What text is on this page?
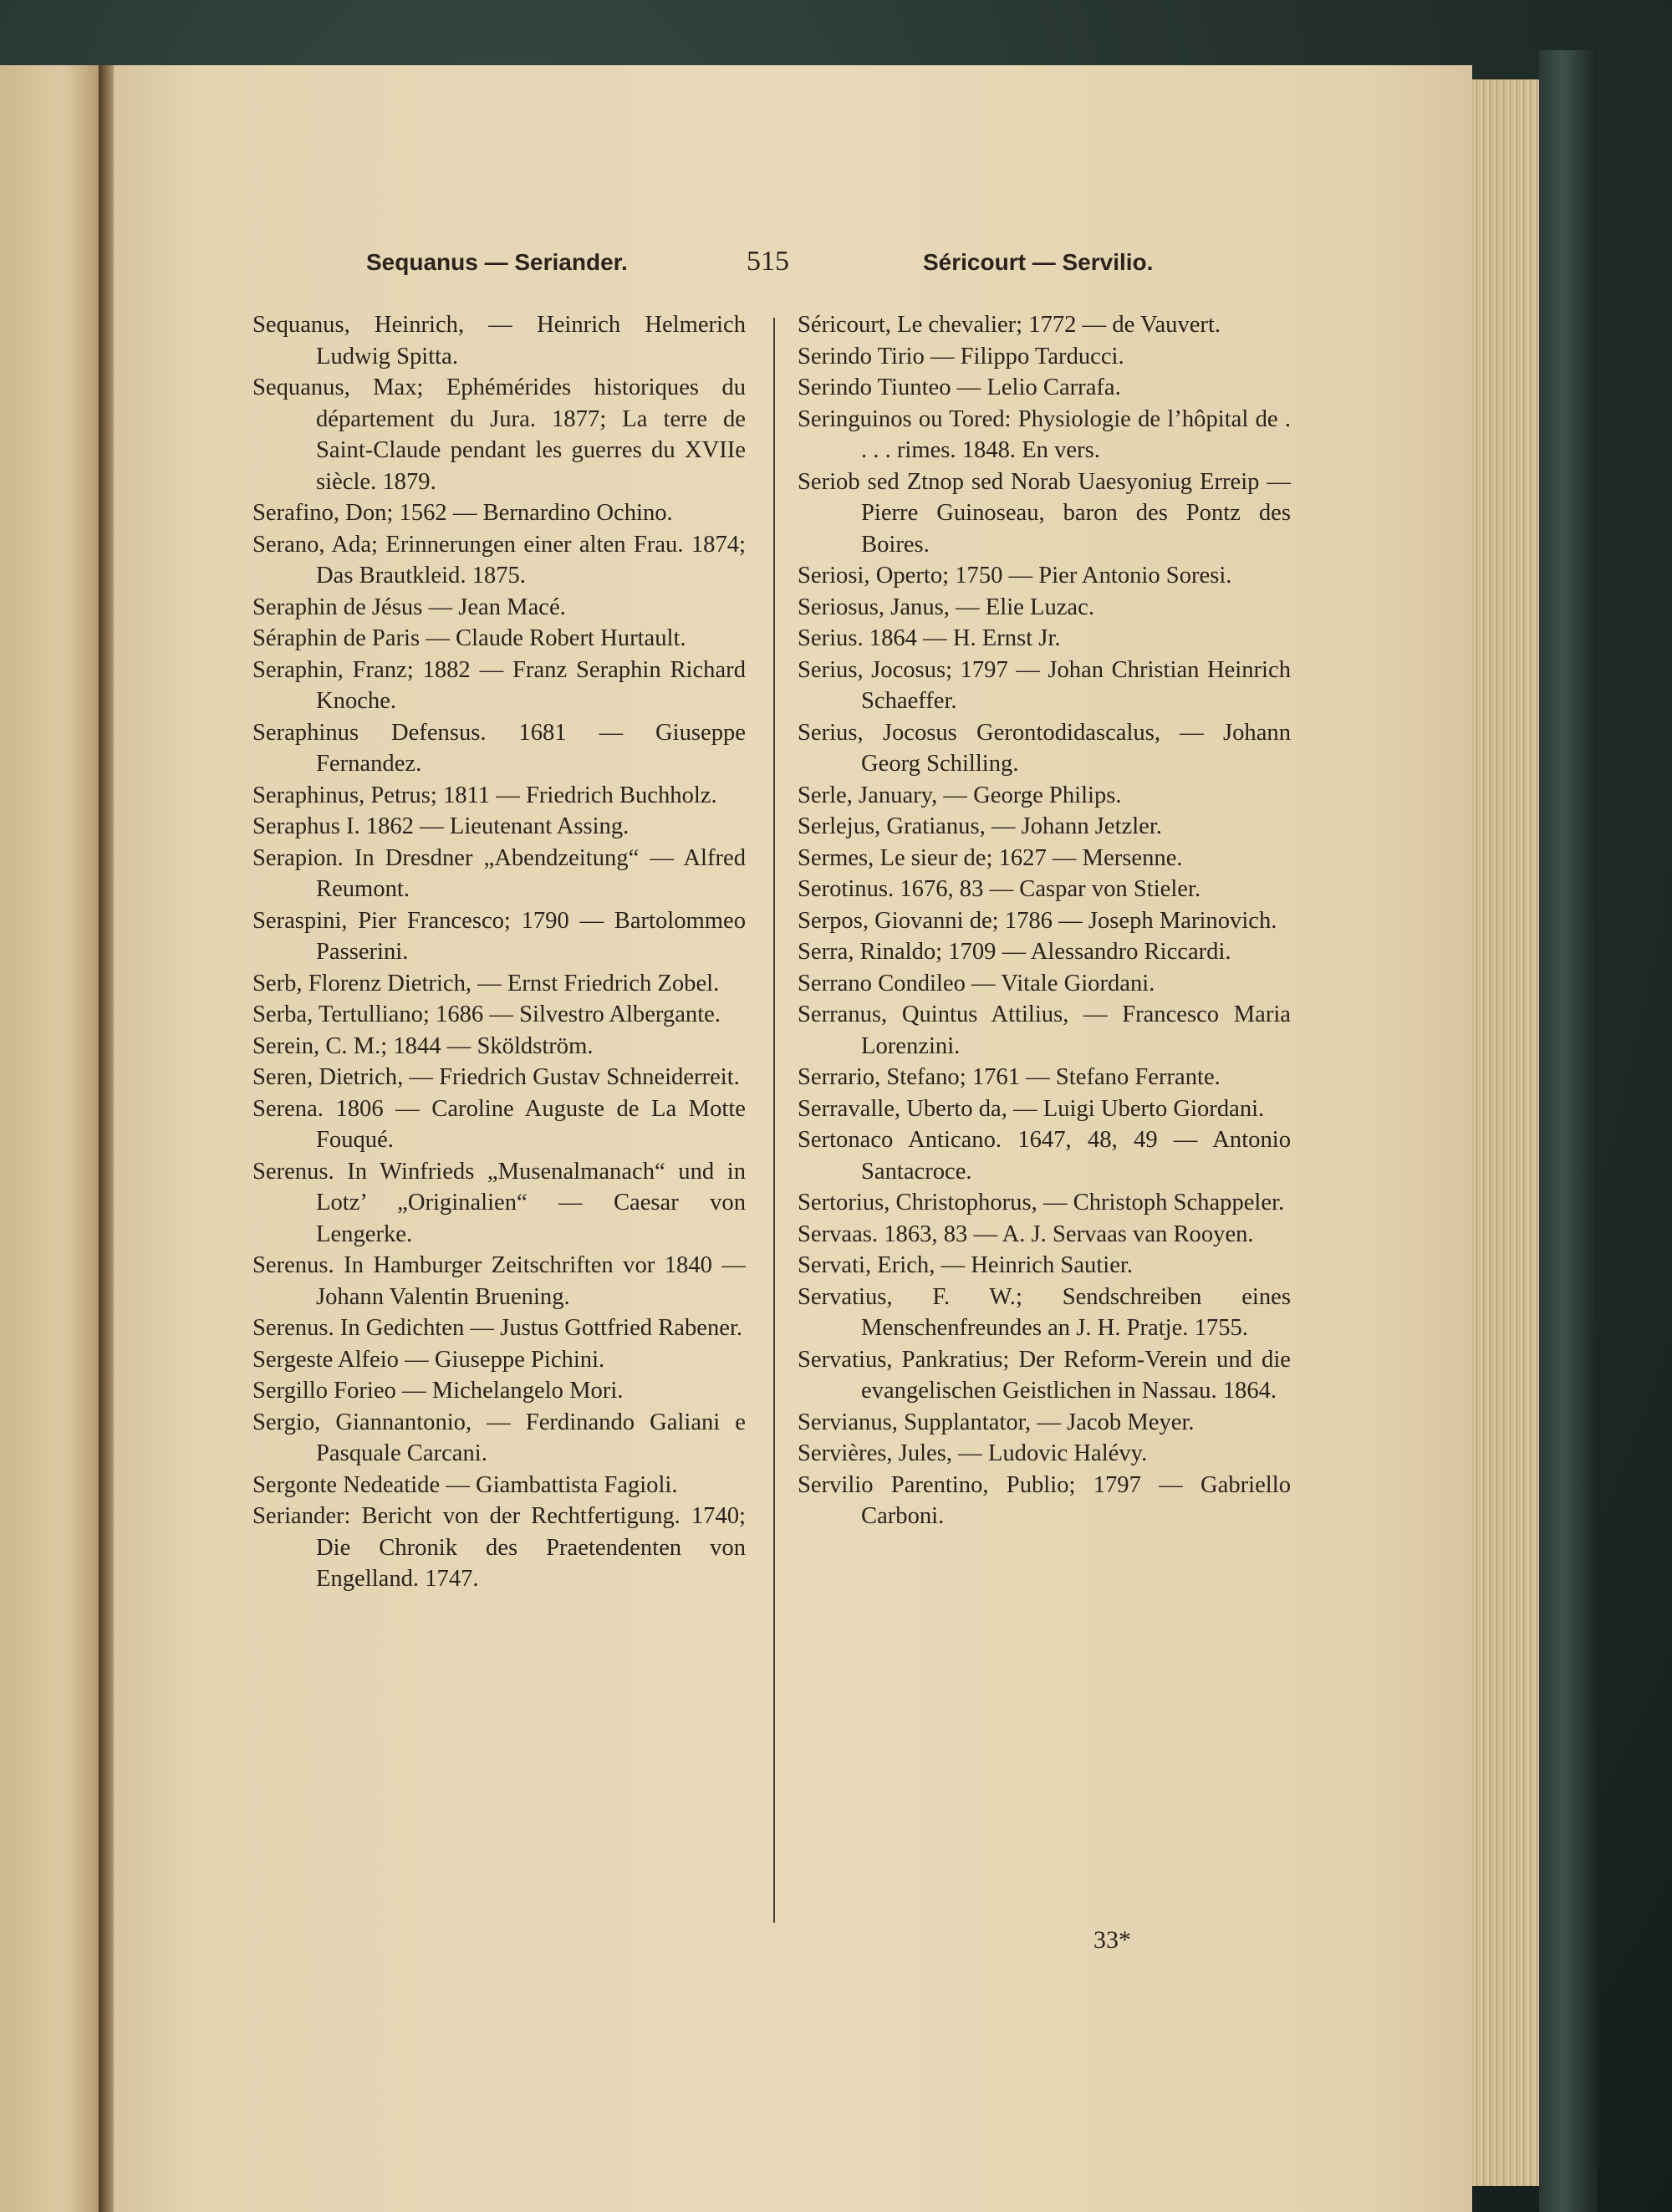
Sequanus — Seriander.	515	Séricourt — Servilio.

Sequanus, Heinrich, — Heinrich Helmerich Ludwig Spitta.

Sequanus, Max; Ephémérides historiques du département du Jura. 1877; La terre de Saint-Claude pendant les guerres du XVIIe siècle. 1879.

Serafino, Don; 1562 — Bernardino Ochino.

Serano, Ada; Erinnerungen einer alten Frau. 1874; Das Brautkleid. 1875.

Seraphin de Jésus — Jean Macé.

Séraphin de Paris — Claude Robert Hurtault.

Seraphin, Franz; 1882 — Franz Seraphin Richard Knoche.

Seraphinus Defensus. 1681 — Giuseppe Fernandez.

Seraphinus, Petrus; 1811 — Friedrich Buchholz.

Seraphus I. 1862 — Lieutenant Assing.

Serapion. In Dresdner „Abendzeitung“ — Alfred Reumont.

Seraspini, Pier Francesco; 1790 — Bartolommeo Passerini.

Serb, Florenz Dietrich, — Ernst Friedrich Zobel.

Serba, Tertulliano; 1686 — Silvestro Albergante.

Serein, C. M.; 1844 — Sköldström.

Seren, Dietrich, — Friedrich Gustav Schneiderreit.

Serena. 1806 — Caroline Auguste de La Motte Fouqué.

Serenus. In Winfrieds „Musenalmanach“ und in Lotz’ „Originalien“ — Caesar von Lengerke.

Serenus. In Hamburger Zeitschriften vor 1840 — Johann Valentin Bruening.

Serenus. In Gedichten — Justus Gottfried Rabener.

Sergeste Alfeio — Giuseppe Pichini.

Sergillo Forieo — Michelangelo Mori.

Sergio, Giannantonio, — Ferdinando Galiani e Pasquale Carcani.

Sergonte Nedeatide — Giambattista Fagioli.

Seriander: Bericht von der Rechtfertigung. 1740; Die Chronik des Praetendenten von Engelland. 1747.

Séricourt, Le chevalier; 1772 — de Vauvert.

Serindo Tirio — Filippo Tarducci.

Serindo Tiunteo — Lelio Carrafa.

Seringuinos ou Tored: Physiologie de l’hôpital de . . . . rimes. 1848. En vers.

Seriob sed Ztnop sed Norab Uaesyoniug Erreip — Pierre Guinoseau, baron des Pontz des Boires.

Seriosi, Operto; 1750 — Pier Antonio Soresi.

Seriosus, Janus, — Elie Luzac.

Serius. 1864 — H. Ernst Jr.

Serius, Jocosus; 1797 — Johan Christian Heinrich Schaeffer.

Serius, Jocosus Gerontodidascalus, — Johann Georg Schilling.

Serle, January, — George Philips.

Serlejus, Gratianus, — Johann Jetzler.

Sermes, Le sieur de; 1627 — Mersenne.

Serotinus. 1676, 83 — Caspar von Stieler.

Serpos, Giovanni de; 1786 — Joseph Marinovich.

Serra, Rinaldo; 1709 — Alessandro Riccardi.

Serrano Condileo — Vitale Giordani.

Serranus, Quintus Attilius, — Francesco Maria Lorenzini.

Serrario, Stefano; 1761 — Stefano Ferrante.

Serravalle, Uberto da, — Luigi Uberto Giordani.

Sertonaco Anticano. 1647, 48, 49 — Antonio Santacroce.

Sertorius, Christophorus, — Christoph Schappeler.

Servaas. 1863, 83 — A. J. Servaas van Rooyen.

Servati, Erich, — Heinrich Sautier.

Servatius, F. W.; Sendschreiben eines Menschenfreundes an J. H. Pratje. 1755.

Servatius, Pankratius; Der Reform-Verein und die evangelischen Geistlichen in Nassau. 1864.

Servianus, Supplantator, — Jacob Meyer.

Servières, Jules, — Ludovic Halévy.

Servilio Parentino, Publio; 1797 — Gabriello Carboni.

33*
